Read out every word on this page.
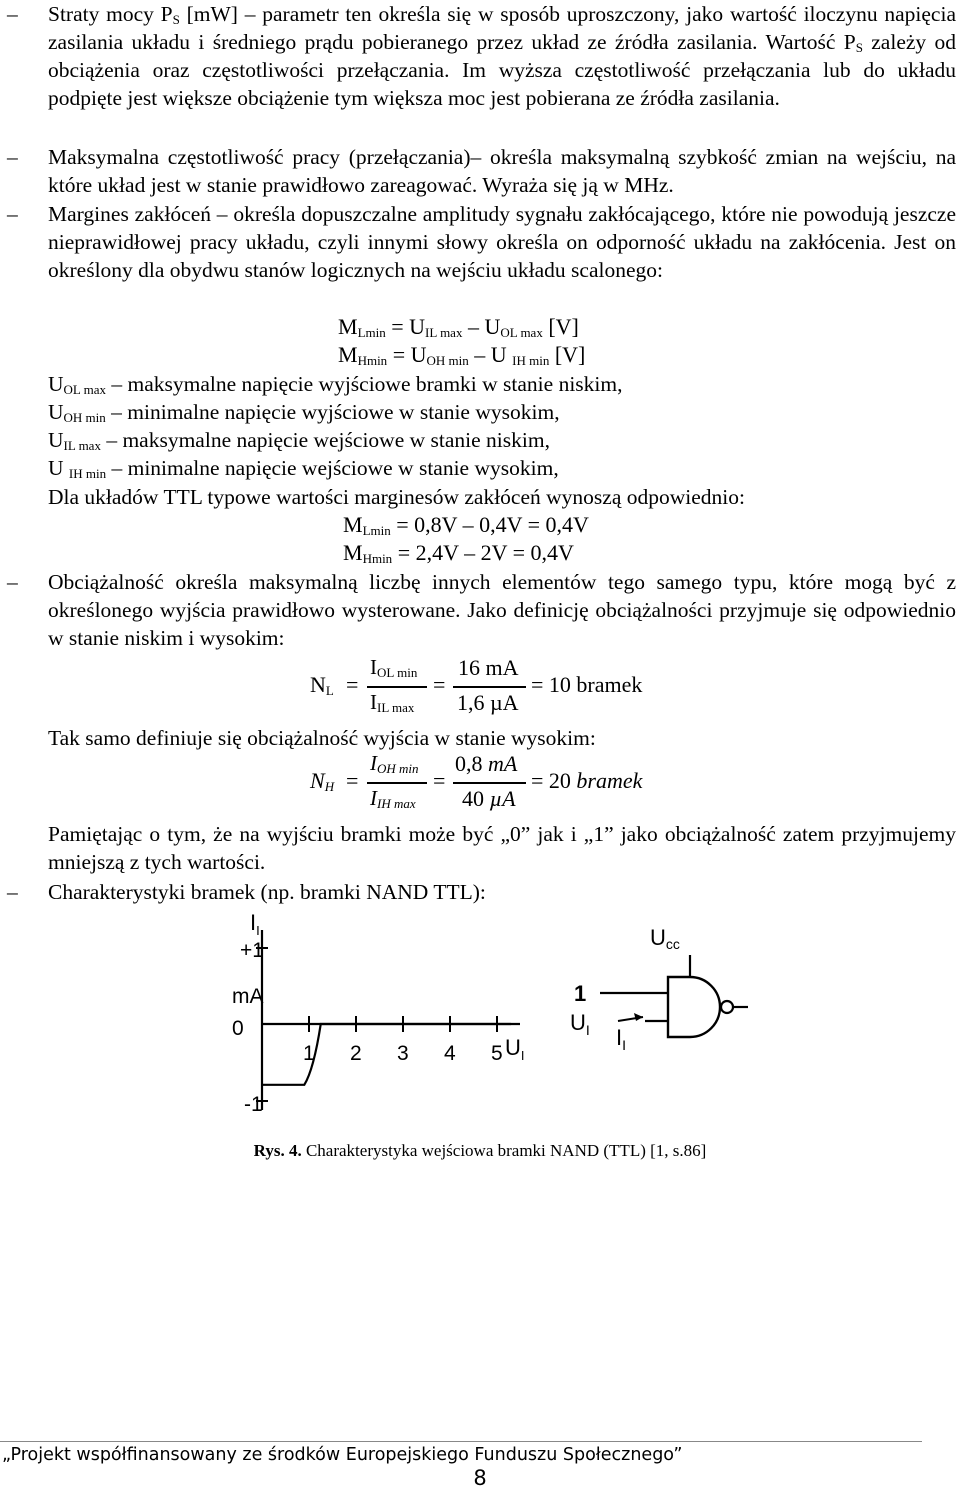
– Straty mocy $P_S$ [mW] – parametr ten określa się w sposób uproszczony, jako wartość iloczynu napięcia zasilania układu i średniego prądu pobieranego przez układ ze źródła zasilania. Wartość $P_S$ zależy od obciążenia oraz częstotliwości przełączania. Im wyższa częstotliwość przełączania lub do układu podpięte jest większe obciążenie tym większa moc jest pobierana ze źródła zasilania.
– Maksymalna częstotliwość pracy (przełączania)– określa maksymalną szybkość zmian na wejściu, na które układ jest w stanie prawidłowo zareagować. Wyraża się ją w MHz.
– Margines zakłóceń – określa dopuszczalne amplitudy sygnału zakłócającego, które nie powodują jeszcze nieprawidłowej pracy układu, czyli innymi słowy określa on odporność układu na zakłócenia. Jest on określony dla obydwu stanów logicznych na wejściu układu scalonego:
$M_{Lmin} = U_{IL max} - U_{OL max}$ [V]
$M_{Hmin} = U_{OH min} - U$ $_{IH min}$ [V]
$U_{OL max}$ – maksymalne napięcie wyjściowe bramki w stanie niskim,
$U_{OH min}$ – minimalne napięcie wyjściowe w stanie wysokim,
$U_{IL max}$ – maksymalne napięcie wejściowe w stanie niskim,
U $_{IH min}$ – minimalne napięcie wejściowe w stanie wysokim,
Dla układów TTL typowe wartości marginesów zakłóceń wynoszą odpowiednio:
$M_{Lmin} = 0,8V - 0,4V = 0,4V$
$M_{Hmin} = 2,4V - 2V = 0,4V$
– Obciążalność określa maksymalną liczbę innych elementów tego samego typu, które mogą być z określonego wyjścia prawidłowo wysterowane. Jako definicję obciążalności przyjmuje się odpowiednio w stanie niskim i wysokim:
$N_L$ =
$I_{OL min}$
$I_{IL max}$
=
16 mA
1,6 µA
= 10 bramek
Tak samo definiuje się obciążalność wyjścia w stanie wysokim:
$N_H$ =
$I_{OH min}$
$I_{IH max}$
=
0,8 mA
40 µA
= 20 bramek
Pamiętając o tym, że na wyjściu bramki może być „0” jak i „1” jako obciążalność zatem przyjmujemy mniejszą z tych wartości.
– Charakterystyki bramek (np. bramki NAND TTL):
$I_I$
+1
mA
0
-1
1 2 3 4 5 $U_I$
Ucc
1
$U_I$ $I_I$
Rys. 4. Charakterystyka wejściowa bramki NAND (TTL) [1, s.86]
„Projekt współfinansowany ze środków Europejskiego Funduszu Społecznego”
8
